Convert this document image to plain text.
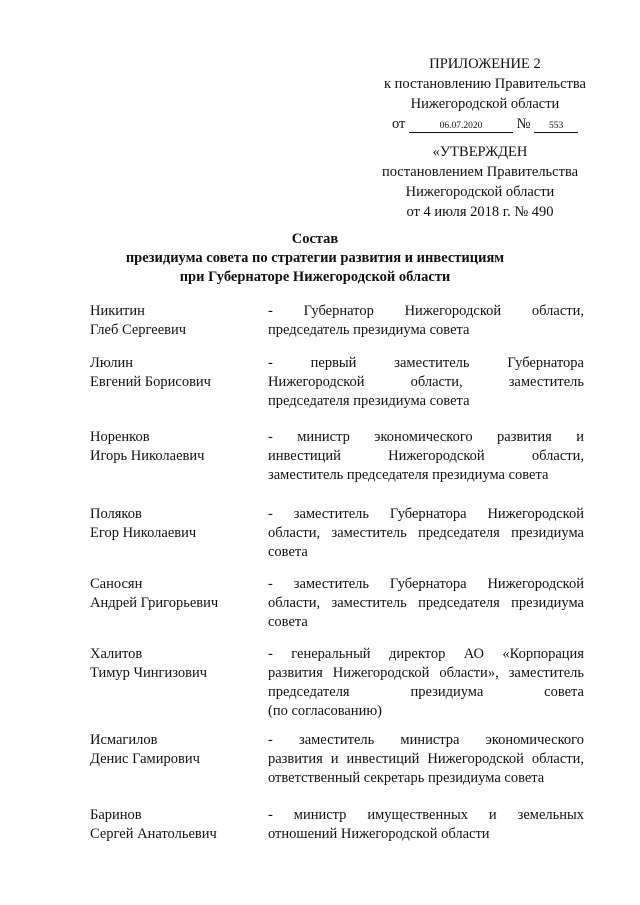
ПРИЛОЖЕНИЕ 2
к постановлению Правительства
Нижегородской области
от	06.07.2020 № 553
«УТВЕРЖДЕН
постановлением Правительства
Нижегородской области
от 4 июля 2018 г. № 490
Состав
президиума совета по стратегии развития и инвестициям
при Губернаторе Нижегородской области
Никитин
Глеб Сергеевич
- Губернатор Нижегородской области,
председатель президиума совета
Люлин
Евгений Борисович
- первый заместитель Губернатора
Нижегородской области, заместитель
председателя президиума совета
Норенков
Игорь Николаевич
- министр экономического развития и
инвестиций Нижегородской области,
заместитель председателя президиума совета
Поляков
Егор Николаевич
- заместитель Губернатора Нижегородской
области, заместитель председателя президиума
совета
Саносян
Андрей Григорьевич
- заместитель Губернатора Нижегородской
области, заместитель председателя президиума
совета
Халитов
Тимур Чингизович
- генеральный директор АО «Корпорация
развития Нижегородской области», заместитель
председателя президиума совета
(по согласованию)
Исмагилов
Денис Гамирович
- заместитель министра экономического
развития и инвестиций Нижегородской области,
ответственный секретарь президиума совета
Баринов
Сергей Анатольевич
- министр имущественных и земельных
отношений Нижегородской области
